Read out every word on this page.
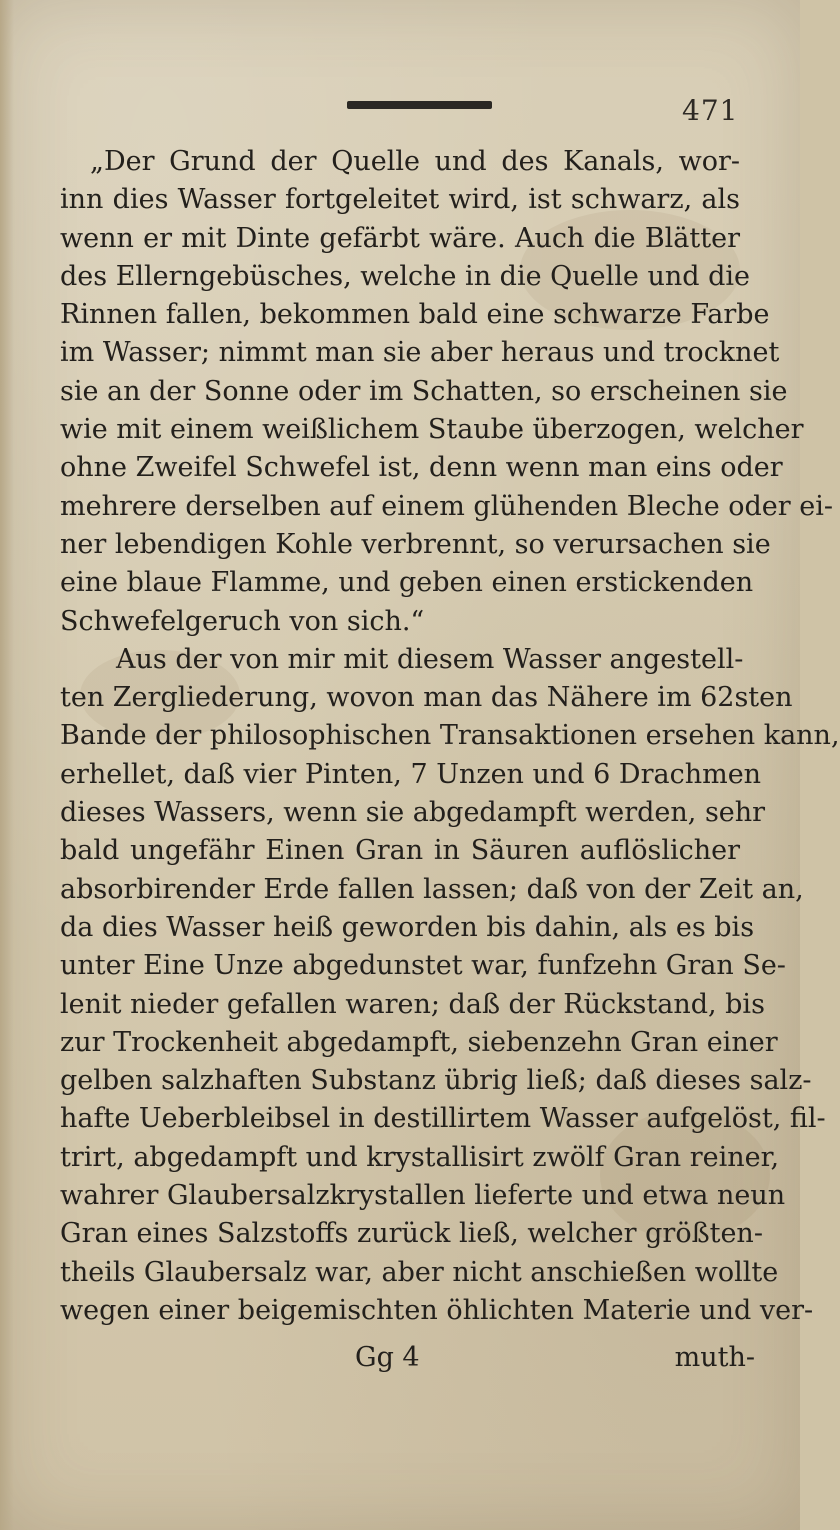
471
„Der Grund der Quelle und des Kanals, wor-
inn dies Wasser fortgeleitet wird, ist schwarz, als
wenn er mit Dinte gefärbt wäre. Auch die Blätter
des Ellerngebüsches, welche in die Quelle und die
Rinnen fallen, bekommen bald eine schwarze Farbe
im Wasser; nimmt man sie aber heraus und trocknet
sie an der Sonne oder im Schatten, so erscheinen sie
wie mit einem weißlichem Staube überzogen, welcher
ohne Zweifel Schwefel ist, denn wenn man eins oder
mehrere derselben auf einem glühenden Bleche oder ei-
ner lebendigen Kohle verbrennt, so verursachen sie
eine blaue Flamme, und geben einen erstickenden
Schwefelgeruch von sich.“
Aus der von mir mit diesem Wasser angestell-
ten Zergliederung, wovon man das Nähere im 62sten
Bande der philosophischen Transaktionen ersehen kann,
erhellet, daß vier Pinten, 7 Unzen und 6 Drachmen
dieses Wassers, wenn sie abgedampft werden, sehr
bald ungefähr Einen Gran in Säuren auflöslicher
absorbirender Erde fallen lassen; daß von der Zeit an,
da dies Wasser heiß geworden bis dahin, als es bis
unter Eine Unze abgedunstet war, funfzehn Gran Se-
lenit nieder gefallen waren; daß der Rückstand, bis
zur Trockenheit abgedampft, siebenzehn Gran einer
gelben salzhaften Substanz übrig ließ; daß dieses salz-
hafte Ueberbleibsel in destillirtem Wasser aufgelöst, fil-
trirt, abgedampft und krystallisirt zwölf Gran reiner,
wahrer Glaubersalzkrystallen lieferte und etwa neun
Gran eines Salzstoffs zurück ließ, welcher größten-
theils Glaubersalz war, aber nicht anschießen wollte
wegen einer beigemischten öhlichten Materie und ver-
Gg 4	muth-
